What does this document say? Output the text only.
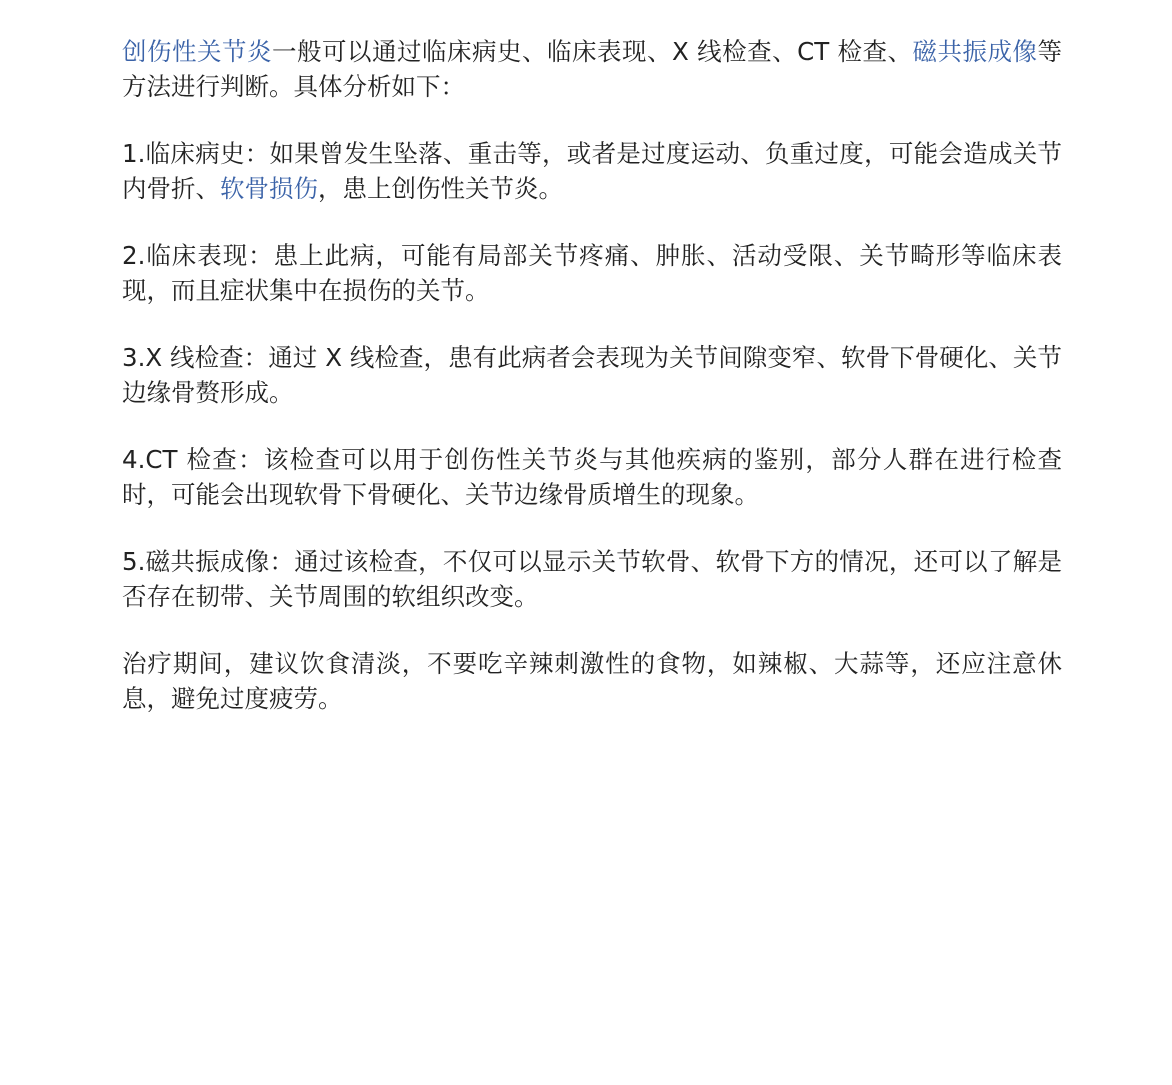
创伤性关节炎一般可以通过临床病史、临床表现、X 线检查、CT 检查、磁共振成像等方法进行判断。具体分析如下：

1.临床病史：如果曾发生坠落、重击等，或者是过度运动、负重过度，可能会造成关节内骨折、软骨损伤，患上创伤性关节炎。

2.临床表现：患上此病，可能有局部关节疼痛、肿胀、活动受限、关节畸形等临床表现，而且症状集中在损伤的关节。

3.X 线检查：通过 X 线检查，患有此病者会表现为关节间隙变窄、软骨下骨硬化、关节边缘骨赘形成。

4.CT 检查：该检查可以用于创伤性关节炎与其他疾病的鉴别，部分人群在进行检查时，可能会出现软骨下骨硬化、关节边缘骨质增生的现象。

5.磁共振成像：通过该检查，不仅可以显示关节软骨、软骨下方的情况，还可以了解是否存在韧带、关节周围的软组织改变。

治疗期间，建议饮食清淡，不要吃辛辣刺激性的食物，如辣椒、大蒜等，还应注意休息，避免过度疲劳。
